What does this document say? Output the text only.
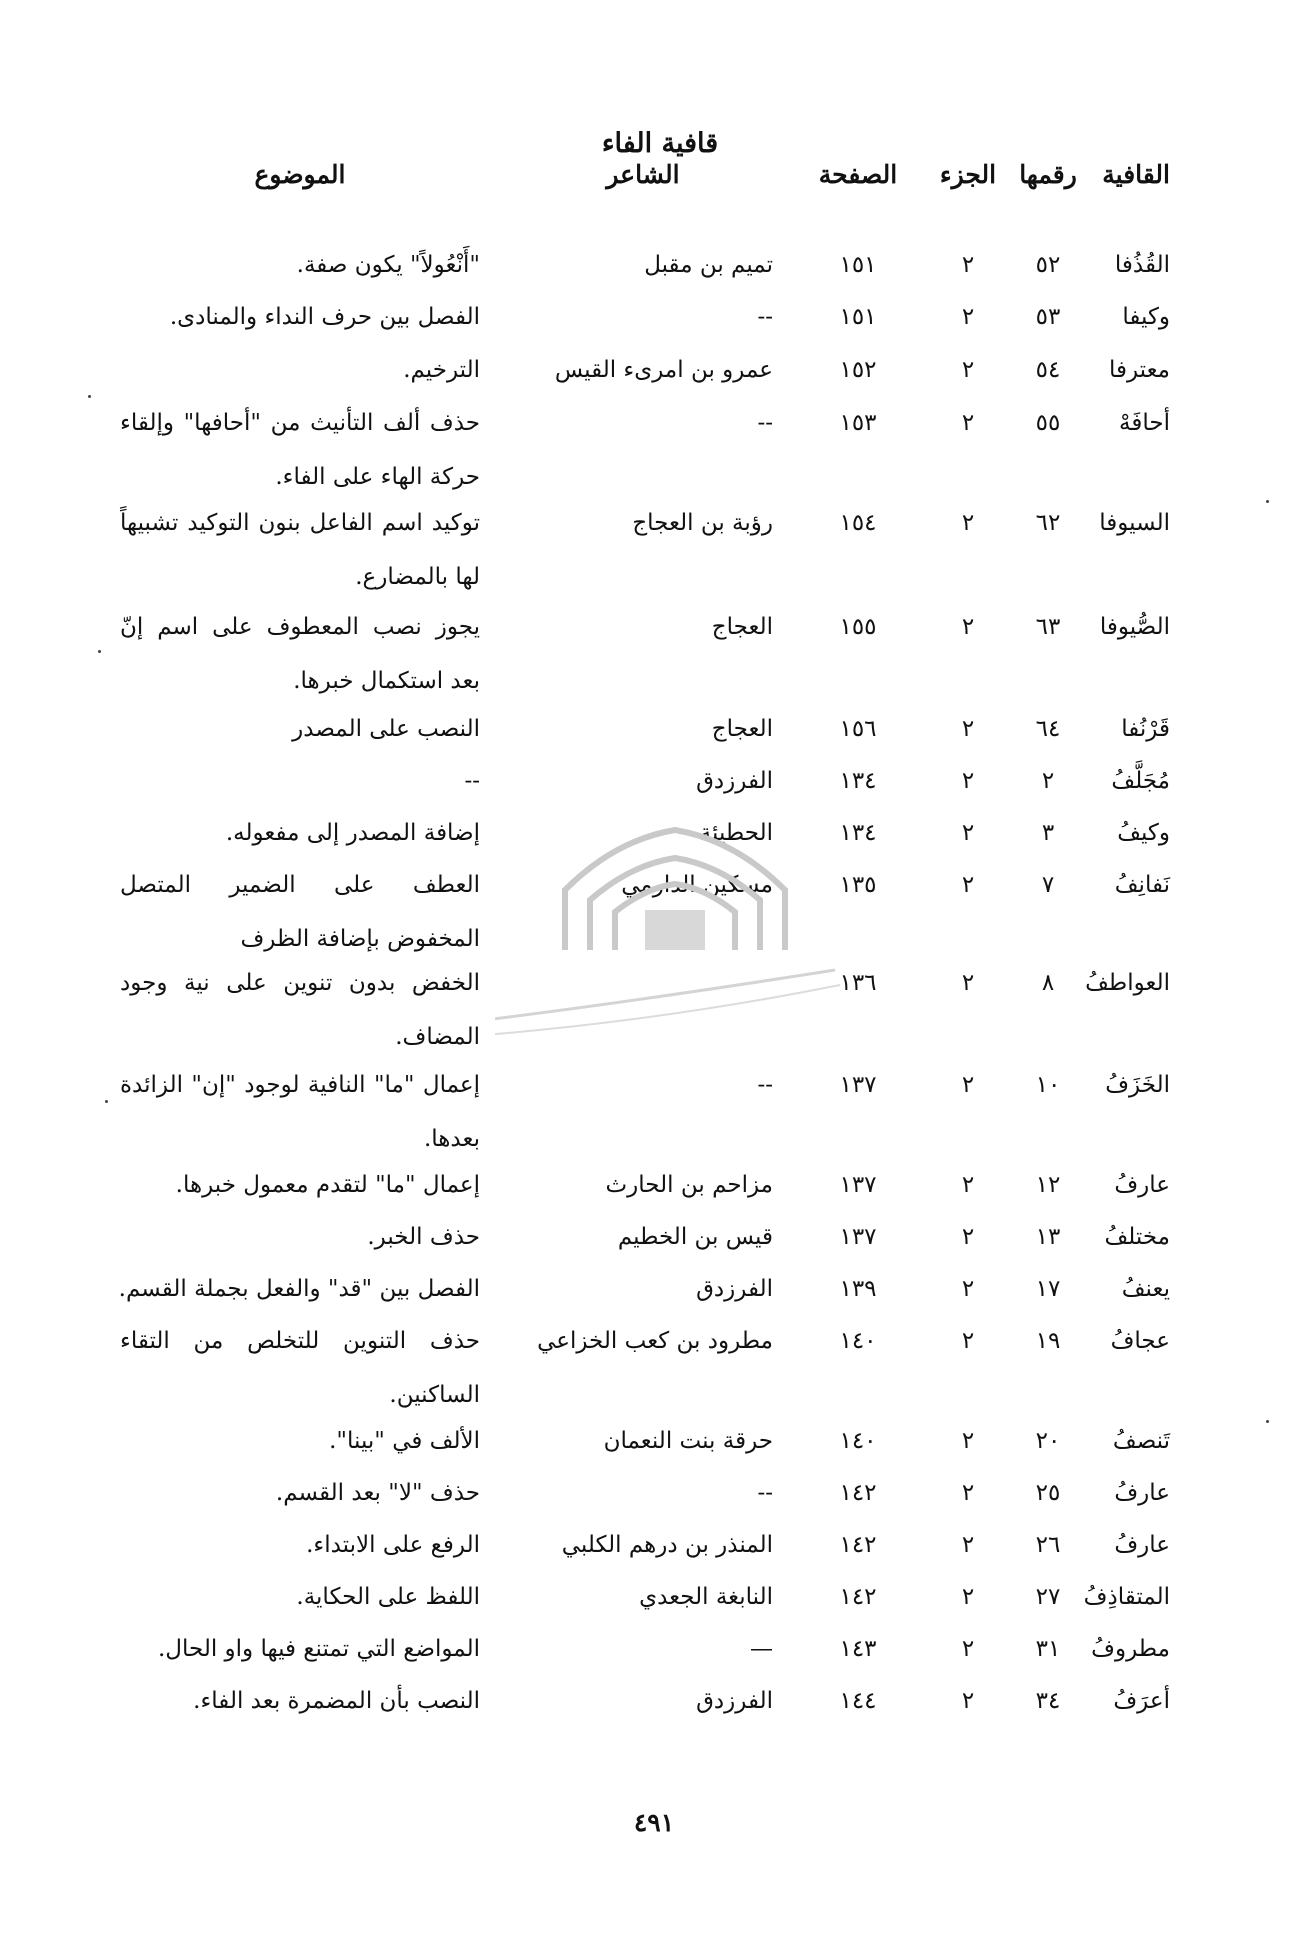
قافية الفاء
القافية
رقمها
الجزء
الصفحة
الشاعر
الموضوع
القُذُفا
٥٢
٢
١٥١
تميم بن مقبل
"أَنْعُولاً" يكون صفة.
وكيفا
٥٣
٢
١٥١
--
الفصل بين حرف النداء والمنادى.
معترفا
٥٤
٢
١٥٢
عمرو بن امرىء القيس
الترخيم.
أحافَهْ
٥٥
٢
١٥٣
--
حذف ألف التأنيث من "أحافها" وإلقاء حركة الهاء على الفاء.
السيوفا
٦٢
٢
١٥٤
رؤبة بن العجاج
توكيد اسم الفاعل بنون التوكيد تشبيهاً لها بالمضارع.
الصُّيوفا
٦٣
٢
١٥٥
العجاج
يجوز نصب المعطوف على اسم إنّ بعد استكمال خبرها.
قَرْنُفا
٦٤
٢
١٥٦
العجاج
النصب على المصدر
مُجَلَّفُ
٢
٢
١٣٤
الفرزدق
--
وكيفُ
٣
٢
١٣٤
الحطيئة
إضافة المصدر إلى مفعوله.
نَفانِفُ
٧
٢
١٣٥
مسكين الدارمي
العطف على الضمير المتصل المخفوض بإضافة الظرف
العواطفُ
٨
٢
١٣٦
الخفض بدون تنوين على نية وجود المضاف.
الخَزَفُ
١٠
٢
١٣٧
--
إعمال "ما" النافية لوجود "إن" الزائدة بعدها.
عارفُ
١٢
٢
١٣٧
مزاحم بن الحارث
إعمال "ما" لتقدم معمول خبرها.
مختلفُ
١٣
٢
١٣٧
قيس بن الخطيم
حذف الخبر.
يعنفُ
١٧
٢
١٣٩
الفرزدق
الفصل بين "قد" والفعل بجملة القسم.
عجافُ
١٩
٢
١٤٠
مطرود بن كعب الخزاعي
حذف التنوين للتخلص من التقاء الساكنين.
تَنصفُ
٢٠
٢
١٤٠
حرقة بنت النعمان
الألف في "بينا".
عارفُ
٢٥
٢
١٤٢
--
حذف "لا" بعد القسم.
عارفُ
٢٦
٢
١٤٢
المنذر بن درهم الكلبي
الرفع على الابتداء.
المتقاذِفُ
٢٧
٢
١٤٢
النابغة الجعدي
اللفظ على الحكاية.
مطروفُ
٣١
٢
١٤٣
—
المواضع التي تمتنع فيها واو الحال.
أعرَفُ
٣٤
٢
١٤٤
الفرزدق
النصب بأن المضمرة بعد الفاء.
٤٩١
